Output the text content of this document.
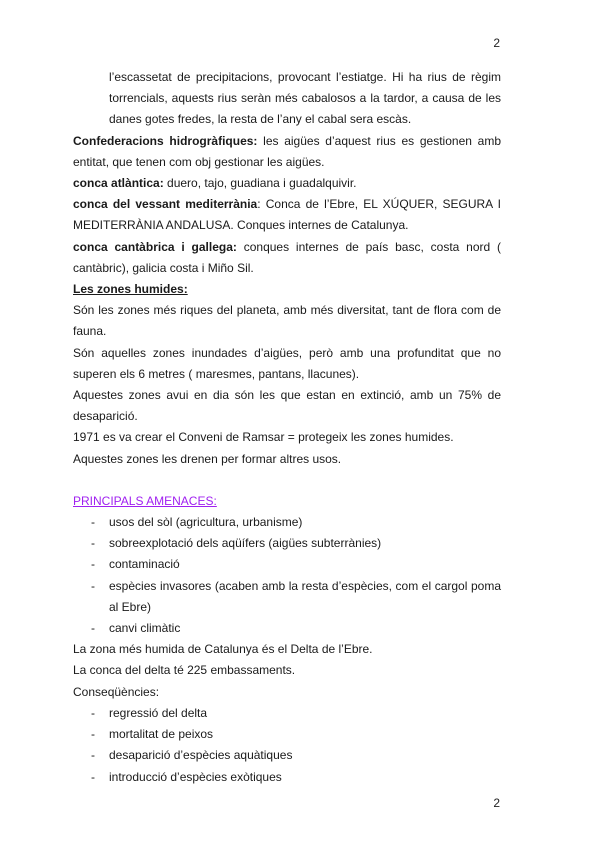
2

l’escassetat de precipitacions, provocant l’estiatge. Hi ha rius de règim torrencials, aquests rius seràn més cabalosos a la tardor, a causa de les danes gotes fredes, la resta de l’any el cabal sera escàs.

Confederacions hidrogràfiques: les aigües d’aquest rius es gestionen amb entitat, que tenen com obj gestionar les aigües.

conca atlàntica: duero, tajo, guadiana i guadalquivir.

conca del vessant mediterrània: Conca de l’Ebre, EL XÚQUER, SEGURA I MEDITERRÀNIA ANDALUSA. Conques internes de Catalunya.

conca cantàbrica i gallega: conques internes de país basc, costa nord ( cantàbric), galicia costa i Miño Sil.

Les zones humides:

Són les zones més riques del planeta, amb més diversitat, tant de flora com de fauna.

Són aquelles zones inundades d’aigües, però amb una profunditat que no superen els 6 metres ( maresmes, pantans, llacunes).

Aquestes zones avui en dia són les que estan en extinció, amb un 75% de desaparició.

1971 es va crear el Conveni de Ramsar = protegeix les zones humides.

Aquestes zones les drenen per formar altres usos.

PRINCIPALS AMENACES:

- usos del sòl (agricultura, urbanisme)
- sobreexplotació dels aqüífers (aigües subterrànies)
- contaminació
- espècies invasores (acaben amb la resta d’espècies, com el cargol poma al Ebre)
- canvi climàtic

La zona més humida de Catalunya és el Delta de l’Ebre.

La conca del delta té 225 embassaments.

Conseqüències:

- regressió del delta
- mortalitat de peixos
- desaparició d’espècies aquàtiques
- introducció d’espècies exòtiques
2
